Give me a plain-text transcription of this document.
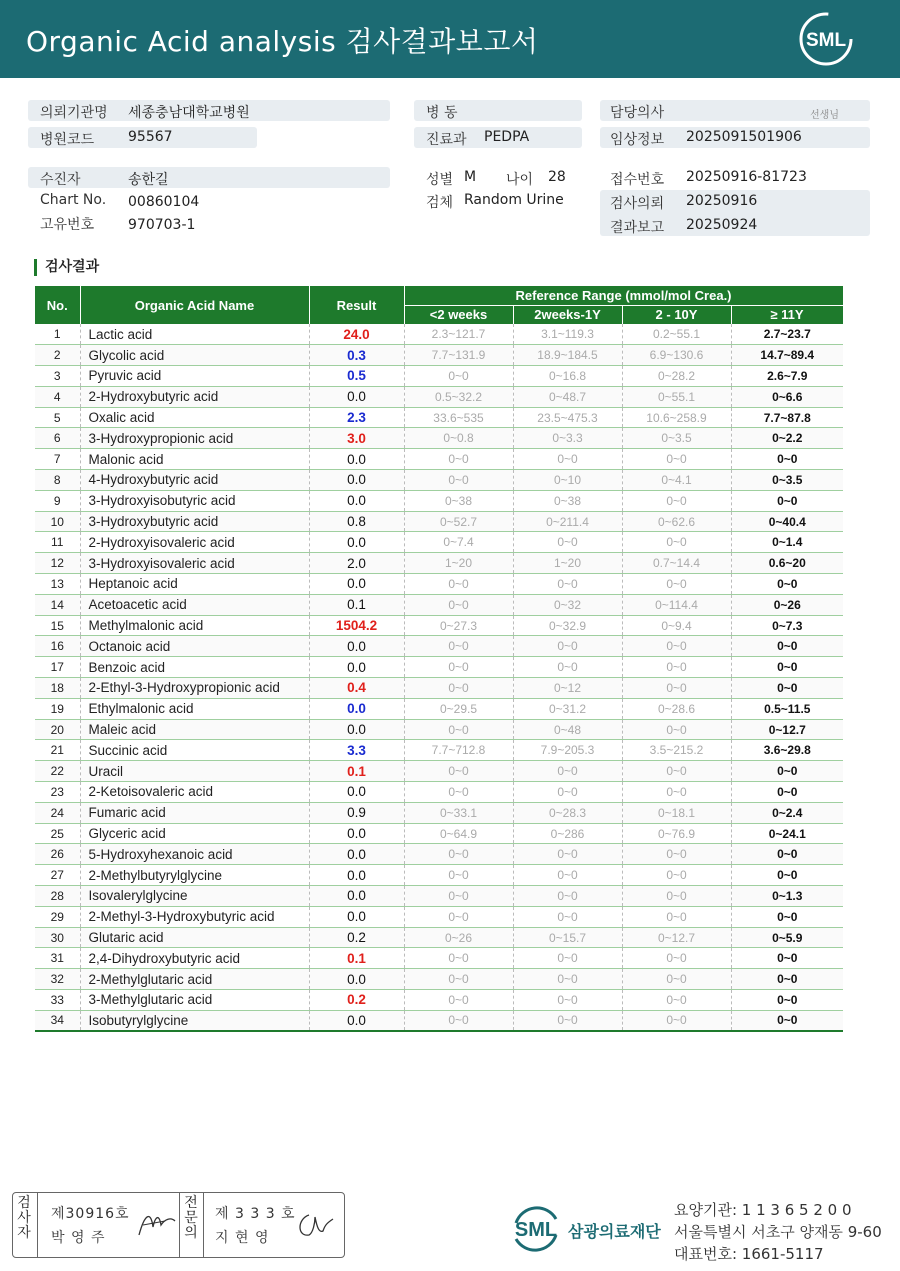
Organic Acid analysis 검사결과보고서	SML
의뢰기관명 세종충남대학교병원
병원코드 95567
병 동
진료과 PEDPA
담당의사	선생님
임상정보 2025091501906
수진자	송한길
Chart No. 00860104
고유번호 970703-1
성별 M 나이 28
검체 Random Urine
접수번호 20250916-81723
검사의뢰 20250916
결과보고 20250924
검사결과
No.	Organic Acid Name	Result	Reference Range (mmol/mol Crea.)			
			<2 weeks	2weeks-1Y	2 - 10Y	≥ 11Y
1	Lactic acid	24.0	2.3~121.7	3.1~119.3	0.2~55.1	2.7~23.7
2	Glycolic acid	0.3	7.7~131.9	18.9~184.5	6.9~130.6	14.7~89.4
3	Pyruvic acid	0.5	0~0	0~16.8	0~28.2	2.6~7.9
4	2-Hydroxybutyric acid	0.0	0.5~32.2	0~48.7	0~55.1	0~6.6
5	Oxalic acid	2.3	33.6~535	23.5~475.3	10.6~258.9	7.7~87.8
6	3-Hydroxypropionic acid	3.0	0~0.8	0~3.3	0~3.5	0~2.2
7	Malonic acid	0.0	0~0	0~0	0~0	0~0
8	4-Hydroxybutyric acid	0.0	0~0	0~10	0~4.1	0~3.5
9	3-Hydroxyisobutyric acid	0.0	0~38	0~38	0~0	0~0
10	3-Hydroxybutyric acid	0.8	0~52.7	0~211.4	0~62.6	0~40.4
11	2-Hydroxyisovaleric acid	0.0	0~7.4	0~0	0~0	0~1.4
12	3-Hydroxyisovaleric acid	2.0	1~20	1~20	0.7~14.4	0.6~20
13	Heptanoic acid	0.0	0~0	0~0	0~0	0~0
14	Acetoacetic acid	0.1	0~0	0~32	0~114.4	0~26
15	Methylmalonic acid	1504.2	0~27.3	0~32.9	0~9.4	0~7.3
16	Octanoic acid	0.0	0~0	0~0	0~0	0~0
17	Benzoic acid	0.0	0~0	0~0	0~0	0~0
18	2-Ethyl-3-Hydroxypropionic acid	0.4	0~0	0~12	0~0	0~0
19	Ethylmalonic acid	0.0	0~29.5	0~31.2	0~28.6	0.5~11.5
20	Maleic acid	0.0	0~0	0~48	0~0	0~12.7
21	Succinic acid	3.3	7.7~712.8	7.9~205.3	3.5~215.2	3.6~29.8
22	Uracil	0.1	0~0	0~0	0~0	0~0
23	2-Ketoisovaleric acid	0.0	0~0	0~0	0~0	0~0
24	Fumaric acid	0.9	0~33.1	0~28.3	0~18.1	0~2.4
25	Glyceric acid	0.0	0~64.9	0~286	0~76.9	0~24.1
26	5-Hydroxyhexanoic acid	0.0	0~0	0~0	0~0	0~0
27	2-Methylbutyrylglycine	0.0	0~0	0~0	0~0	0~0
28	Isovalerylglycine	0.0	0~0	0~0	0~0	0~1.3
29	2-Methyl-3-Hydroxybutyric acid	0.0	0~0	0~0	0~0	0~0
30	Glutaric acid	0.2	0~26	0~15.7	0~12.7	0~5.9
31	2,4-Dihydroxybutyric acid	0.1	0~0	0~0	0~0	0~0
32	2-Methylglutaric acid	0.0	0~0	0~0	0~0	0~0
33	3-Methylglutaric acid	0.2	0~0	0~0	0~0	0~0
34	Isobutyrylglycine	0.0	0~0	0~0	0~0	0~0
검사자
제30916호
박 영 주
전문의
제 3 3 3 호
지 현 영	SML 삼광의료재단
요양기관: 1 1 3 6 5 2 0 0
서울특별시 서초구 양재동 9-60
대표번호: 1661-5117
